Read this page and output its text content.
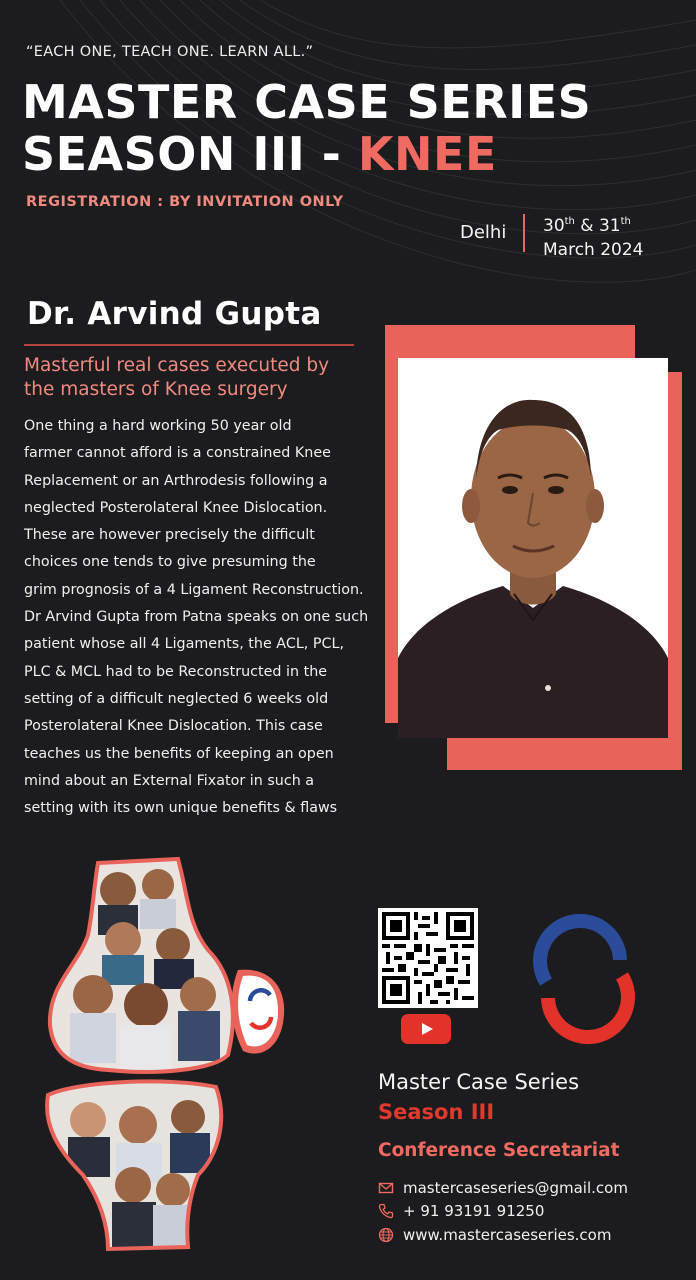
“EACH ONE, TEACH ONE. LEARN ALL.”
MASTER CASE SERIES
SEASON III - KNEE
REGISTRATION : BY INVITATION ONLY
Delhi 30th & 31th
March 2024
Dr. Arvind Gupta
Masterful real cases executed by
the masters of Knee surgery
One thing a hard working 50 year old
farmer cannot afford is a constrained Knee
Replacement or an Arthrodesis following a
neglected Posterolateral Knee Dislocation.
These are however precisely the difficult
choices one tends to give presuming the
grim prognosis of a 4 Ligament Reconstruction.
Dr Arvind Gupta from Patna speaks on one such
patient whose all 4 Ligaments, the ACL, PCL,
PLC & MCL had to be Reconstructed in the
setting of a difficult neglected 6 weeks old
Posterolateral Knee Dislocation. This case
teaches us the benefits of keeping an open
mind about an External Fixator in such a
setting with its own unique benefits & flaws
Master Case Series
Season III
Conference Secretariat
mastercaseseries@gmail.com
+ 91 93191 91250
www.mastercaseseries.com
